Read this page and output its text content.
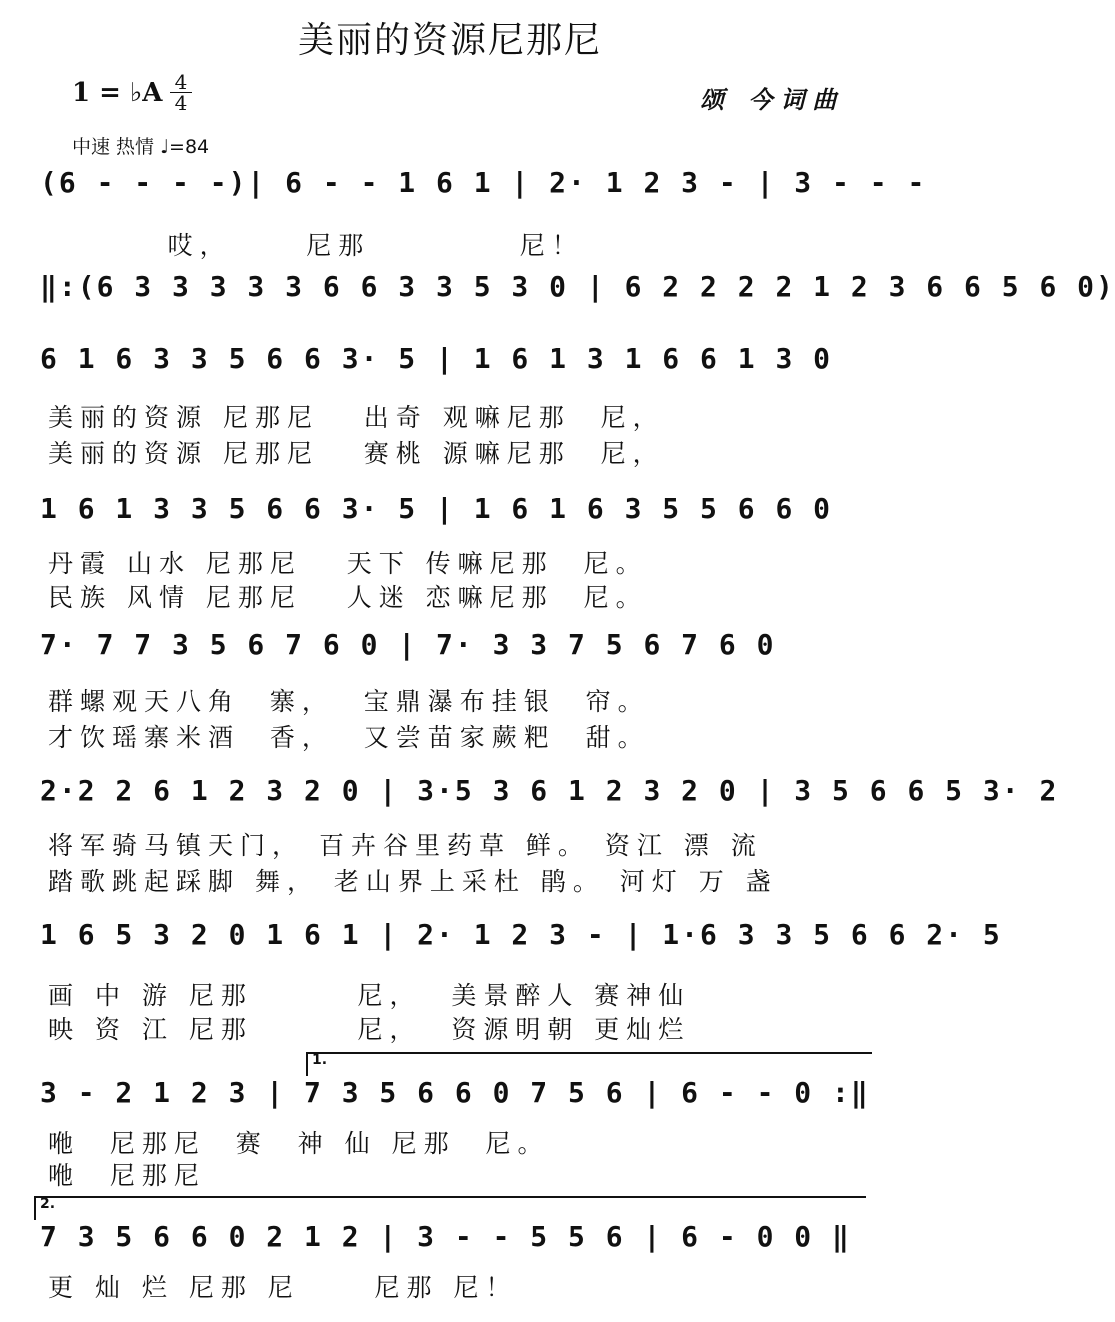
美丽的资源尼那尼
1 = ♭A 4
4	颂 今词曲
中速 热情 ♩=84
(6 - - - -)| 6 - - 1 6 1 | 2· 1 2 3 - | 3 - - -
哎，     尼那          尼！
‖:(6 3 3 3 3 3 6 6 3 3 5 3 0 | 6 2 2 2 2 1 2 3 6 6 5 6 0)
6 1 6 3 3 5 6 6 3· 5 | 1 6 1 3 1 6 6 1 3 0
美丽的资源 尼那尼   出奇 观嘛尼那  尼，
美丽的资源 尼那尼   赛桃 源嘛尼那  尼，
1 6 1 3 3 5 6 6 3· 5 | 1 6 1 6 3 5 5 6 6 0
丹霞 山水 尼那尼   天下 传嘛尼那  尼。
民族 风情 尼那尼   人迷 恋嘛尼那  尼。
7· 7 7 3 5 6 7 6 0 | 7· 3 3 7 5 6 7 6 0
群螺观天八角  寨，  宝鼎瀑布挂银  帘。
才饮瑶寨米酒  香，  又尝苗家蕨粑  甜。
2·2 2 6 1 2 3 2 0 | 3·5 3 6 1 2 3 2 0 | 3 5 6 6 5 3· 2
将军骑马镇天门， 百卉谷里药草 鲜。 资江 漂 流
踏歌跳起踩脚 舞， 老山界上采杜 鹃。 河灯 万 盏
1 6 5 3 2 0 1 6 1 | 2· 1 2 3 - | 1·6 3 3 5 6 6 2· 5
画 中 游 尼那       尼，  美景醉人 赛神仙
映 资 江 尼那       尼，  资源明朝 更灿烂
1.
3 - 2 1 2 3 | 7 3 5 6 6 0 7 5 6 | 6 - - 0 :‖
咃  尼那尼  赛  神 仙 尼那  尼。
咃  尼那尼
2.
7 3 5 6 6 0 2 1 2 | 3 - - 5 5 6 | 6 - 0 0 ‖
更 灿 烂 尼那 尼     尼那 尼！
